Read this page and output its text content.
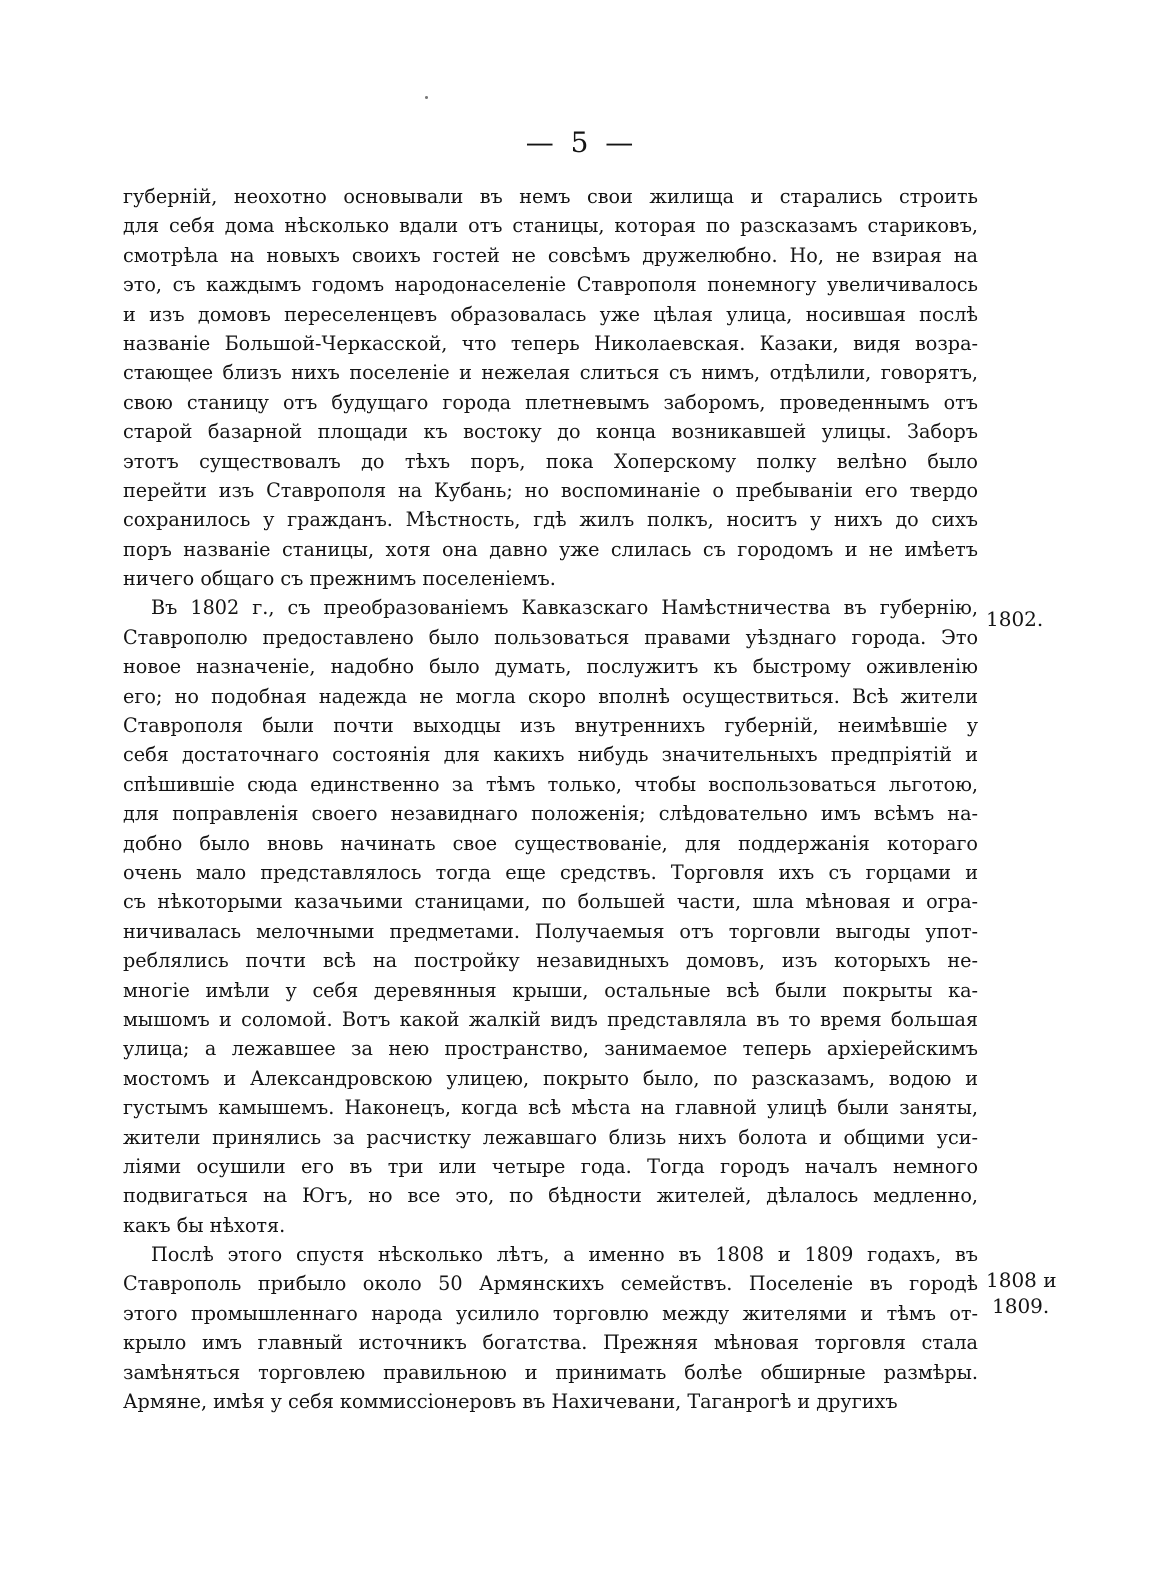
— 5 —
губерній, неохотно основывали въ немъ свои жилища и старались строить
для себя дома нѣсколько вдали отъ станицы, которая по разсказамъ стариковъ,
смотрѣла на новыхъ своихъ гостей не совсѣмъ дружелюбно. Но, не взирая на
это, съ каждымъ годомъ народонаселеніе Ставрополя понемногу увеличивалось
и изъ домовъ переселенцевъ образовалась уже цѣлая улица, носившая послѣ
названіе Большой-Черкасской, что теперь Николаевская. Казаки, видя возра-
стающее близъ нихъ поселеніе и нежелая слиться съ нимъ, отдѣлили, говорятъ,
свою станицу отъ будущаго города плетневымъ заборомъ, проведеннымъ отъ
старой базарной площади къ востоку до конца возникавшей улицы. Заборъ
этотъ существовалъ до тѣхъ поръ, пока Хоперскому полку велѣно было
перейти изъ Ставрополя на Кубань; но воспоминаніе о пребываніи его твердо
сохранилось у гражданъ. Мѣстность, гдѣ жилъ полкъ, носитъ у нихъ до сихъ
поръ названіе станицы, хотя она давно уже слилась съ городомъ и не имѣетъ
ничего общаго съ прежнимъ поселеніемъ.
Въ 1802 г., съ преобразованіемъ Кавказскаго Намѣстничества въ губернію,
Ставрополю предоставлено было пользоваться правами уѣзднаго города. Это
новое назначеніе, надобно было думать, послужитъ къ быстрому оживленію
его; но подобная надежда не могла скоро вполнѣ осуществиться. Всѣ жители
Ставрополя были почти выходцы изъ внутреннихъ губерній, неимѣвшіе у
себя достаточнаго состоянія для какихъ нибудь значительныхъ предпріятій и
спѣшившіе сюда единственно за тѣмъ только, чтобы воспользоваться льготою,
для поправленія своего незавиднаго положенія; слѣдовательно имъ всѣмъ на-
добно было вновь начинать свое существованіе, для поддержанія котораго
очень мало представлялось тогда еще средствъ. Торговля ихъ съ горцами и
съ нѣкоторыми казачьими станицами, по большей части, шла мѣновая и огра-
ничивалась мелочными предметами. Получаемыя отъ торговли выгоды упот-
реблялись почти всѣ на постройку незавидныхъ домовъ, изъ которыхъ не-
многіе имѣли у себя деревянныя крыши, остальные всѣ были покрыты ка-
мышомъ и соломой. Вотъ какой жалкій видъ представляла въ то время большая
улица; а лежавшее за нею пространство, занимаемое теперь архіерейскимъ
мостомъ и Александровскою улицею, покрыто было, по разсказамъ, водою и
густымъ камышемъ. Наконецъ, когда всѣ мѣста на главной улицѣ были заняты,
жители принялись за расчистку лежавшаго близь нихъ болота и общими уси-
ліями осушили его въ три или четыре года. Тогда городъ началъ немного
подвигаться на Югъ, но все это, по бѣдности жителей, дѣлалось медленно,
какъ бы нѣхотя.
Послѣ этого спустя нѣсколько лѣтъ, а именно въ 1808 и 1809 годахъ, въ
Ставрополь прибыло около 50 Армянскихъ семействъ. Поселеніе въ городѣ
этого промышленнаго народа усилило торговлю между жителями и тѣмъ от-
крыло имъ главный источникъ богатства. Прежняя мѣновая торговля стала
замѣняться торговлею правильною и принимать болѣе обширные размѣры.
Армяне, имѣя у себя коммиссіонеровъ въ Нахичевани, Таганрогѣ и другихъ
1802.
1808 и
1809.
